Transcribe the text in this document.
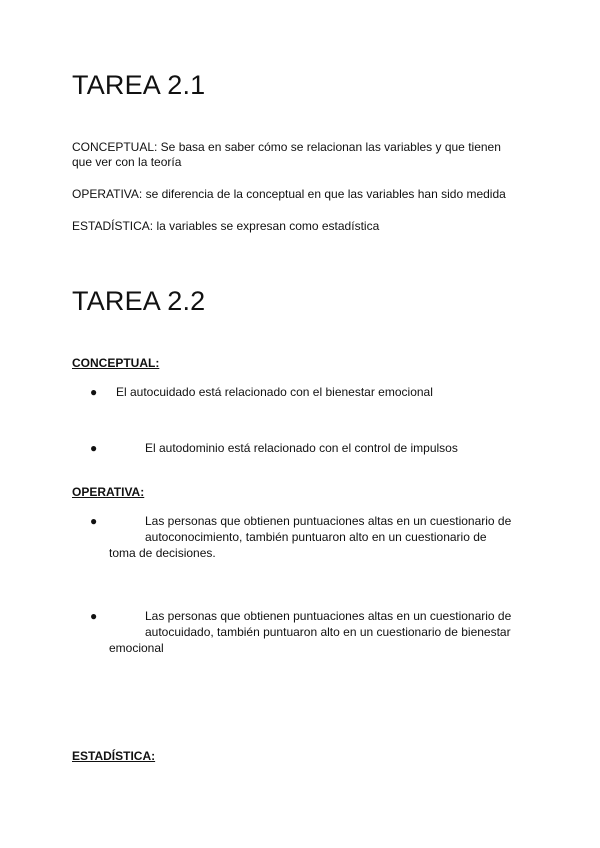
TAREA 2.1

CONCEPTUAL: Se basa en saber cómo se relacionan las variables y que tienen

que ver con la teoría

OPERATIVA: se diferencia de la conceptual en que las variables han sido medida

ESTADÍSTICA: la variables se expresan como estadística

TAREA 2.2

CONCEPTUAL:

● El autocuidado está relacionado con el bienestar emocional

●	El autodominio está relacionado con el control de impulsos

OPERATIVA:

●	Las personas que obtienen puntuaciones altas en un cuestionario de

autoconocimiento, también puntuaron alto en un cuestionario de

toma de decisiones.

●	Las personas que obtienen puntuaciones altas en un cuestionario de

autocuidado, también puntuaron alto en un cuestionario de bienestar

emocional

ESTADÍSTICA:
